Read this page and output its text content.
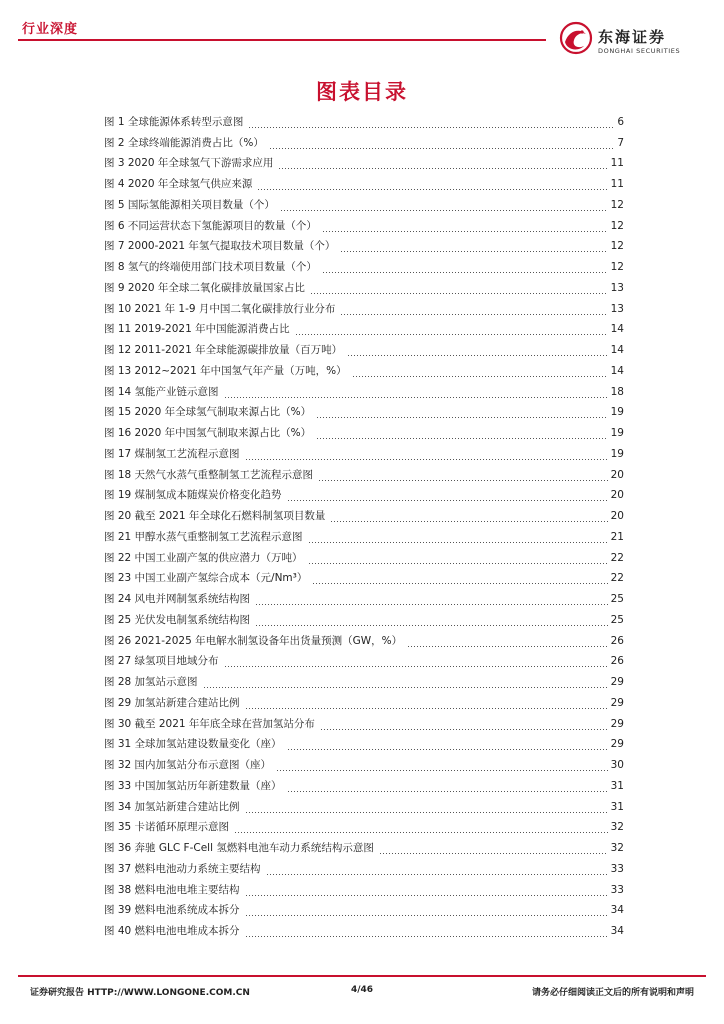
行业深度	东海证券
DONGHAI SECURITIES
图表目录
图 1 全球能源体系转型示意图	6
图 2 全球终端能源消费占比（%）	7
图 3 2020 年全球氢气下游需求应用	11
图 4 2020 年全球氢气供应来源	11
图 5 国际氢能源相关项目数量（个）	12
图 6 不同运营状态下氢能源项目的数量（个）	12
图 7 2000-2021 年氢气提取技术项目数量（个）	12
图 8 氢气的终端使用部门技术项目数量（个）	12
图 9 2020 年全球二氧化碳排放量国家占比	13
图 10 2021 年 1-9 月中国二氧化碳排放行业分布	13
图 11 2019-2021 年中国能源消费占比	14
图 12 2011-2021 年全球能源碳排放量（百万吨）	14
图 13 2012~2021 年中国氢气年产量（万吨，%）	14
图 14 氢能产业链示意图	18
图 15 2020 年全球氢气制取来源占比（%）	19
图 16 2020 年中国氢气制取来源占比（%）	19
图 17 煤制氢工艺流程示意图	19
图 18 天然气水蒸气重整制氢工艺流程示意图	20
图 19 煤制氢成本随煤炭价格变化趋势	20
图 20 截至 2021 年全球化石燃料制氢项目数量	20
图 21 甲醇水蒸气重整制氢工艺流程示意图	21
图 22 中国工业副产氢的供应潜力（万吨）	22
图 23 中国工业副产氢综合成本（元/Nm³）	22
图 24 风电并网制氢系统结构图	25
图 25 光伏发电制氢系统结构图	25
图 26 2021-2025 年电解水制氢设备年出货量预测（GW，%）	26
图 27 绿氢项目地域分布	26
图 28 加氢站示意图	29
图 29 加氢站新建合建站比例	29
图 30 截至 2021 年年底全球在营加氢站分布	29
图 31 全球加氢站建设数量变化（座）	29
图 32 国内加氢站分布示意图（座）	30
图 33 中国加氢站历年新建数量（座）	31
图 34 加氢站新建合建站比例	31
图 35 卡诺循环原理示意图	32
图 36 奔驰 GLC F-Cell 氢燃料电池车动力系统结构示意图	32
图 37 燃料电池动力系统主要结构	33
图 38 燃料电池电堆主要结构	33
图 39 燃料电池系统成本拆分	34
图 40 燃料电池电堆成本拆分	34
证券研究报告 HTTP://WWW.LONGONE.COM.CN	4/46	请务必仔细阅读正文后的所有说明和声明
